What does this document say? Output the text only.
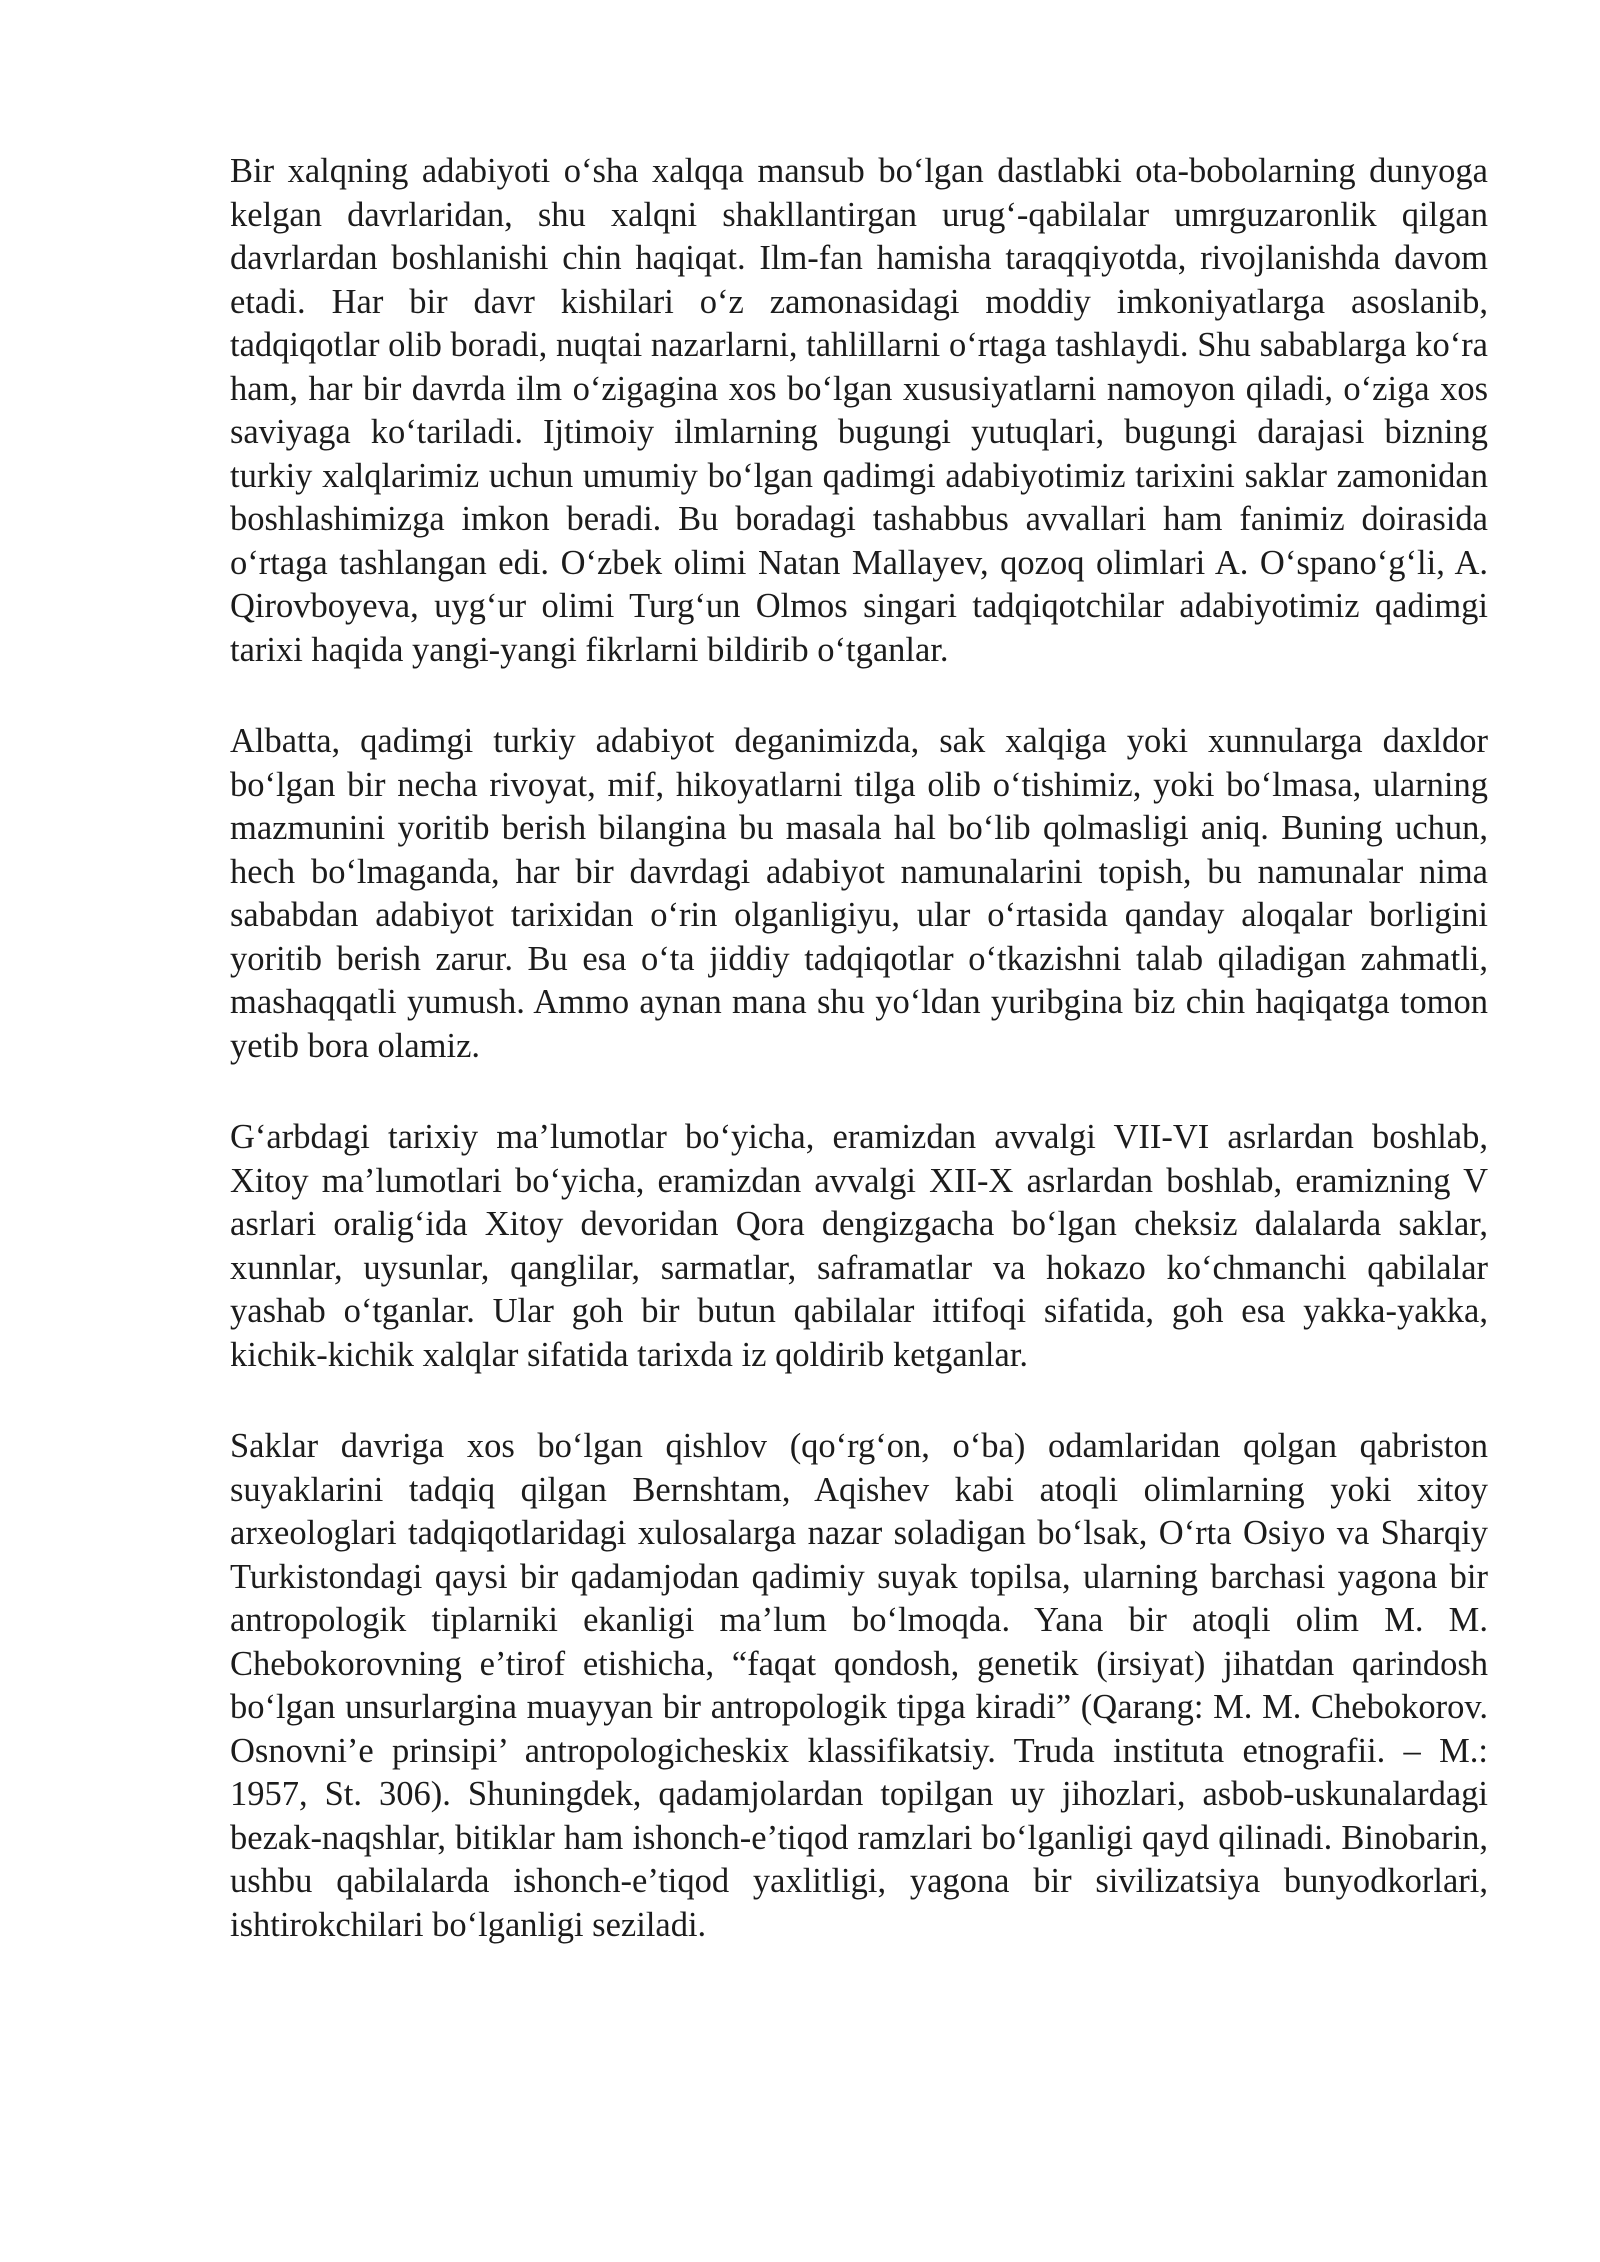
Bir xalqning adabiyoti o‘sha xalqqa mansub bo‘lgan dastlabki ota-bobolarning dunyoga kelgan davrlaridan, shu xalqni shakllantirgan urug‘-qabilalar umrguzaronlik qilgan davrlardan boshlanishi chin haqiqat. Ilm-fan hamisha taraqqiyotda, rivojlanishda davom etadi. Har bir davr kishilari o‘z zamonasidagi moddiy imkoniyatlarga asoslanib, tadqiqotlar olib boradi, nuqtai nazarlarni, tahlillarni o‘rtaga tashlaydi. Shu sabablarga ko‘ra ham, har bir davrda ilm o‘zigagina xos bo‘lgan xususiyatlarni namoyon qiladi, o‘ziga xos saviyaga ko‘tariladi. Ijtimoiy ilmlarning bugungi yutuqlari, bugungi darajasi bizning turkiy xalqlarimiz uchun umumiy bo‘lgan qadimgi adabiyotimiz tarixini saklar zamonidan boshlashimizga imkon beradi. Bu boradagi tashabbus avvallari ham fanimiz doirasida o‘rtaga tashlangan edi. O‘zbek olimi Natan Mallayev, qozoq olimlari A. O‘spano‘g‘li, A. Qirovboyeva, uyg‘ur olimi Turg‘un Olmos singari tadqiqotchilar adabiyotimiz qadimgi tarixi haqida yangi-yangi fikrlarni bildirib o‘tganlar.

Albatta, qadimgi turkiy adabiyot deganimizda, sak xalqiga yoki xunnularga daxldor bo‘lgan bir necha rivoyat, mif, hikoyatlarni tilga olib o‘tishimiz, yoki bo‘lmasa, ularning mazmunini yoritib berish bilangina bu masala hal bo‘lib qolmasligi aniq. Buning uchun, hech bo‘lmaganda, har bir davrdagi adabiyot namunalarini topish, bu namunalar nima sababdan adabiyot tarixidan o‘rin olganligiyu, ular o‘rtasida qanday aloqalar borligini yoritib berish zarur. Bu esa o‘ta jiddiy tadqiqotlar o‘tkazishni talab qiladigan zahmatli, mashaqqatli yumush. Ammo aynan mana shu yo‘ldan yuribgina biz chin haqiqatga tomon yetib bora olamiz.

G‘arbdagi tarixiy ma’lumotlar bo‘yicha, eramizdan avvalgi VII-VI asrlardan boshlab, Xitoy ma’lumotlari bo‘yicha, eramizdan avvalgi XII-X asrlardan boshlab, eramizning V asrlari oralig‘ida Xitoy devoridan Qora dengizgacha bo‘lgan cheksiz dalalarda saklar, xunnlar, uysunlar, qanglilar, sarmatlar, saframatlar va hokazo ko‘chmanchi qabilalar yashab o‘tganlar. Ular goh bir butun qabilalar ittifoqi sifatida, goh esa yakka-yakka, kichik-kichik xalqlar sifatida tarixda iz qoldirib ketganlar.

Saklar davriga xos bo‘lgan qishlov (qo‘rg‘on, o‘ba) odamlaridan qolgan qabriston suyaklarini tadqiq qilgan Bernshtam, Aqishev kabi atoqli olimlarning yoki xitoy arxeologlari tadqiqotlaridagi xulosalarga nazar soladigan bo‘lsak, O‘rta Osiyo va Sharqiy Turkistondagi qaysi bir qadamjodan qadimiy suyak topilsa, ularning barchasi yagona bir antropologik tiplarniki ekanligi ma’lum bo‘lmoqda. Yana bir atoqli olim M. M. Chebokorovning e’tirof etishicha, “faqat qondosh, genetik (irsiyat) jihatdan qarindosh bo‘lgan unsurlargina muayyan bir antropologik tipga kiradi” (Qarang: M. M. Chebokorov. Osnovni’e prinsipi’ antropologicheskix klassifikatsiy. Truda instituta etnografii. – M.: 1957, St. 306). Shuningdek, qadamjolardan topilgan uy jihozlari, asbob-uskunalardagi bezak-naqshlar, bitiklar ham ishonch-e’tiqod ramzlari bo‘lganligi qayd qilinadi. Binobarin, ushbu qabilalarda ishonch-e’tiqod yaxlitligi, yagona bir sivilizatsiya bunyodkorlari, ishtirokchilari bo‘lganligi seziladi.
